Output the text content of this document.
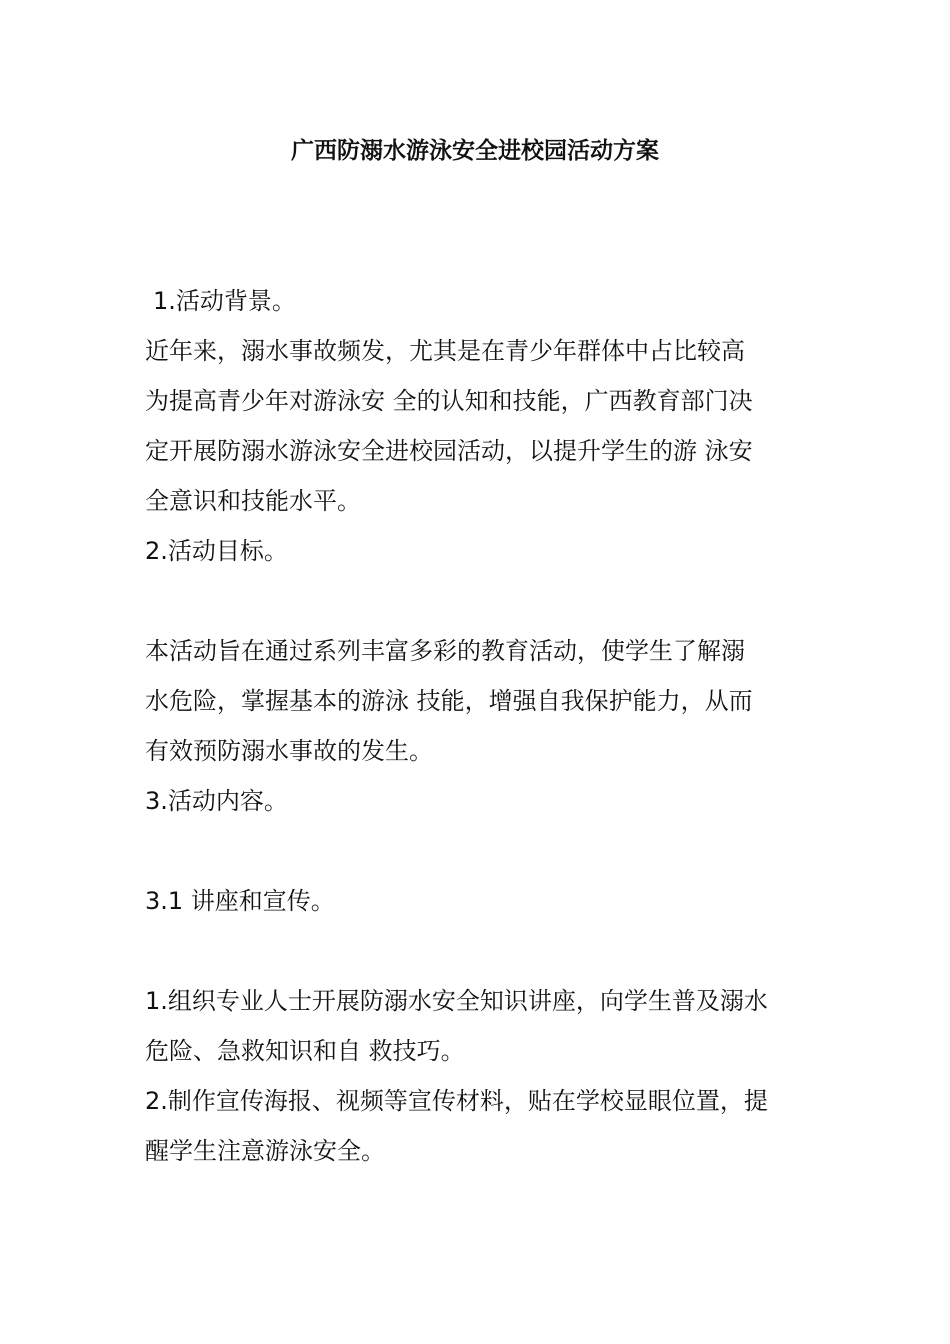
广西防溺水游泳安全进校园活动方案

1.活动背景。

近年来，溺水事故频发，尤其是在青少年群体中占比较高

为提高青少年对游泳安 全的认知和技能，广西教育部门决

定开展防溺水游泳安全进校园活动，以提升学生的游 泳安

全意识和技能水平。

2.活动目标。

本活动旨在通过系列丰富多彩的教育活动，使学生了解溺

水危险，掌握基本的游泳 技能，增强自我保护能力，从而

有效预防溺水事故的发生。

3.活动内容。

3.1 讲座和宣传。

1.组织专业人士开展防溺水安全知识讲座，向学生普及溺水

危险、急救知识和自 救技巧。

2.制作宣传海报、视频等宣传材料，贴在学校显眼位置，提

醒学生注意游泳安全。
